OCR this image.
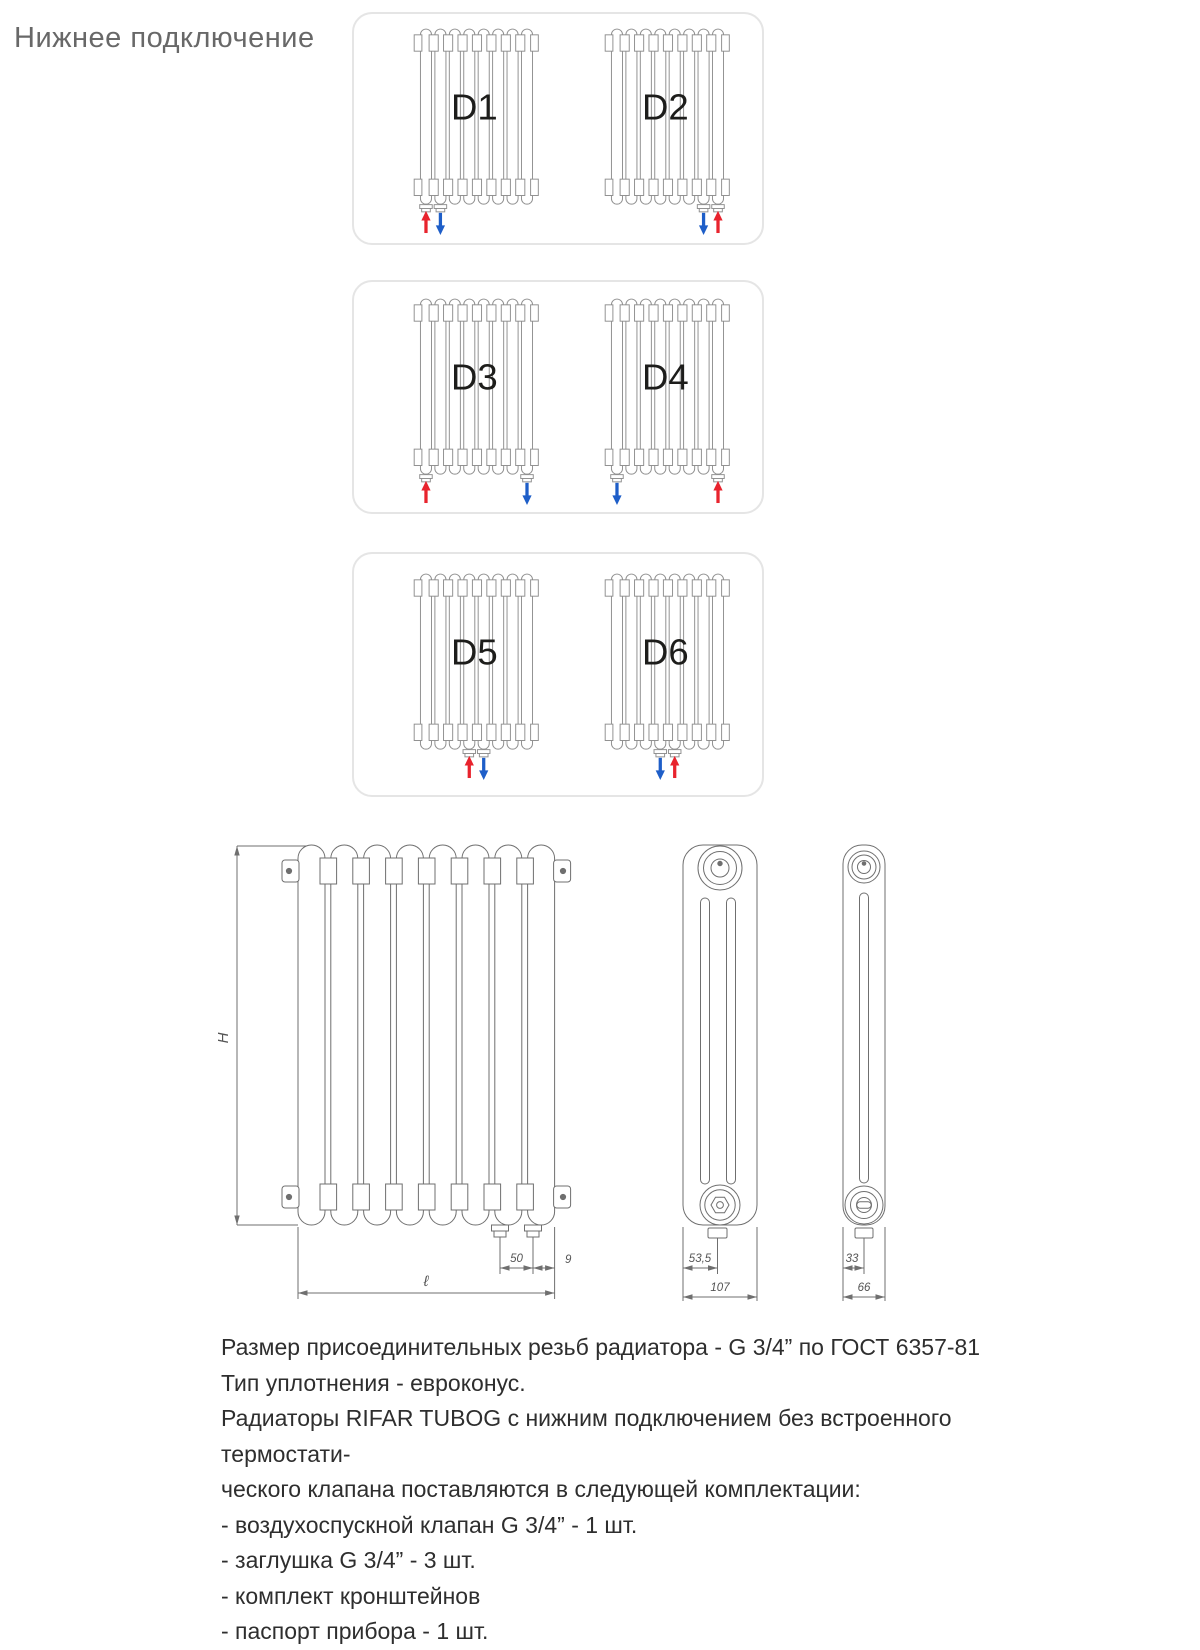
Нижнее подключение
D1	D2
D3	D4
D5	D6
H
ℓ
50	9	53,5
107
33
66

Размер присоединительных резьб радиатора - G 3/4” по ГОСТ 6357-81

Тип уплотнения - евроконус.

Радиаторы RIFAR TUBOG с нижним подключением без встроенного термостати-

ческого клапана поставляются в следующей комплектации:

- воздухоспускной клапан G 3/4” - 1 шт.

- заглушка G 3/4” - 3 шт.

- комплект кронштейнов

- паспорт прибора - 1 шт.
